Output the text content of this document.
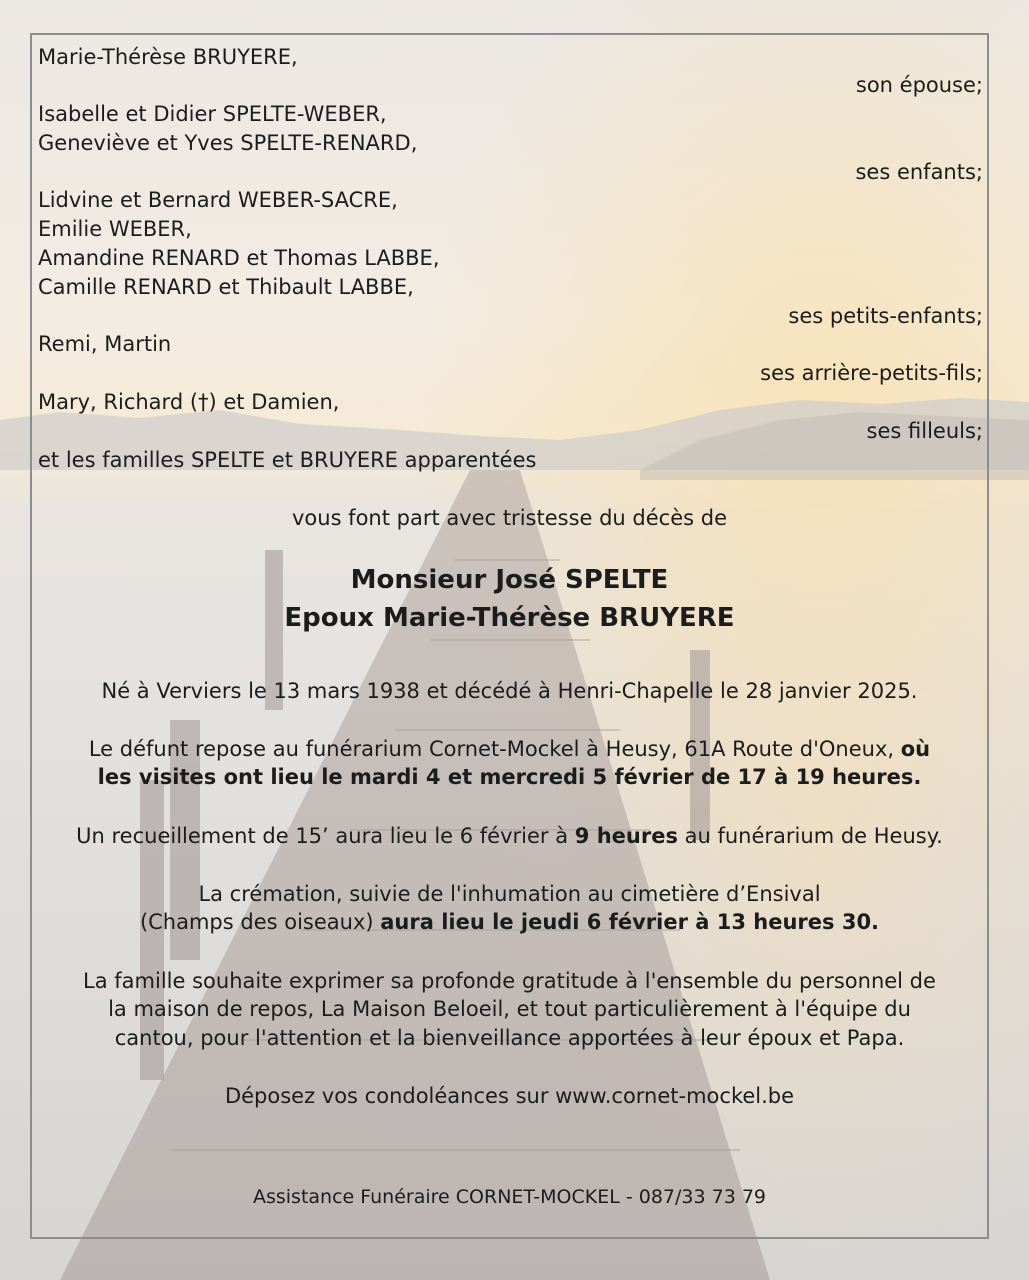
Marie-Thérèse BRUYERE,
son épouse;
Isabelle et Didier SPELTE-WEBER,
Geneviève et Yves SPELTE-RENARD,
ses enfants;
Lidvine et Bernard WEBER-SACRE,
Emilie WEBER,
Amandine RENARD et Thomas LABBE,
Camille RENARD et Thibault LABBE,
ses petits-enfants;
Remi, Martin
ses arrière-petits-fils;
Mary, Richard (†) et Damien,
ses filleuls;
et les familles SPELTE et BRUYERE apparentées
vous font part avec tristesse du décès de
Monsieur José SPELTE
Epoux Marie-Thérèse BRUYERE
Né à Verviers le 13 mars 1938 et décédé à Henri-Chapelle le 28 janvier 2025.
Le défunt repose au funérarium Cornet-Mockel à Heusy, 61A Route d'Oneux, où
les visites ont lieu le mardi 4 et mercredi 5 février de 17 à 19 heures.
Un recueillement de 15’ aura lieu le 6 février à 9 heures au funérarium de Heusy.
La crémation, suivie de l'inhumation au cimetière d’Ensival
(Champs des oiseaux) aura lieu le jeudi 6 février à 13 heures 30.
La famille souhaite exprimer sa profonde gratitude à l'ensemble du personnel de
la maison de repos, La Maison Beloeil, et tout particulièrement à l'équipe du
cantou, pour l'attention et la bienveillance apportées à leur époux et Papa.
Déposez vos condoléances sur www.cornet-mockel.be
Assistance Funéraire CORNET-MOCKEL - 087/33 73 79
